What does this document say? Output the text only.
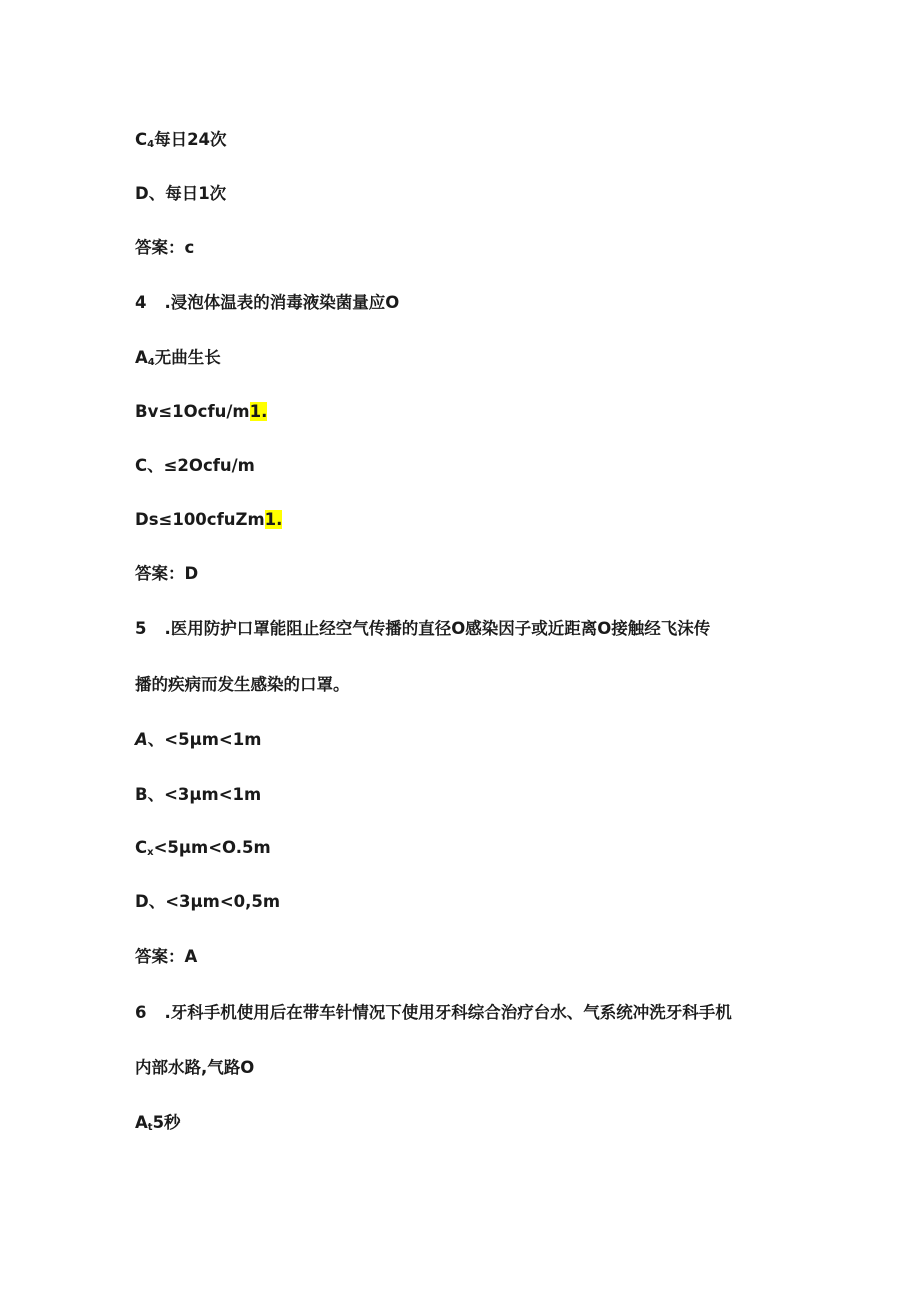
$C_4$每日24次
D、每日1次
答案：c
4 .浸泡体温表的消毒液染菌量应O
$A_4$无曲生长
Bv≤1Ocfu/m1.
C、≤2Ocfu/m
Ds≤100cfuZm1.
答案：D
5 .医用防护口罩能阻止经空气传播的直径O感染因子或近距离O接触经飞沫传
播的疾病而发生感染的口罩。
A、<5μm<1m
B、<3μm<1m
$C_x<5\mu m<O.5m$
D、<3μm<0,5m
答案：A
6 .牙科手机使用后在带车针情况下使用牙科综合治疗台水、气系统冲洗牙科手机
内部水路,气路O
$A_t5$秒
